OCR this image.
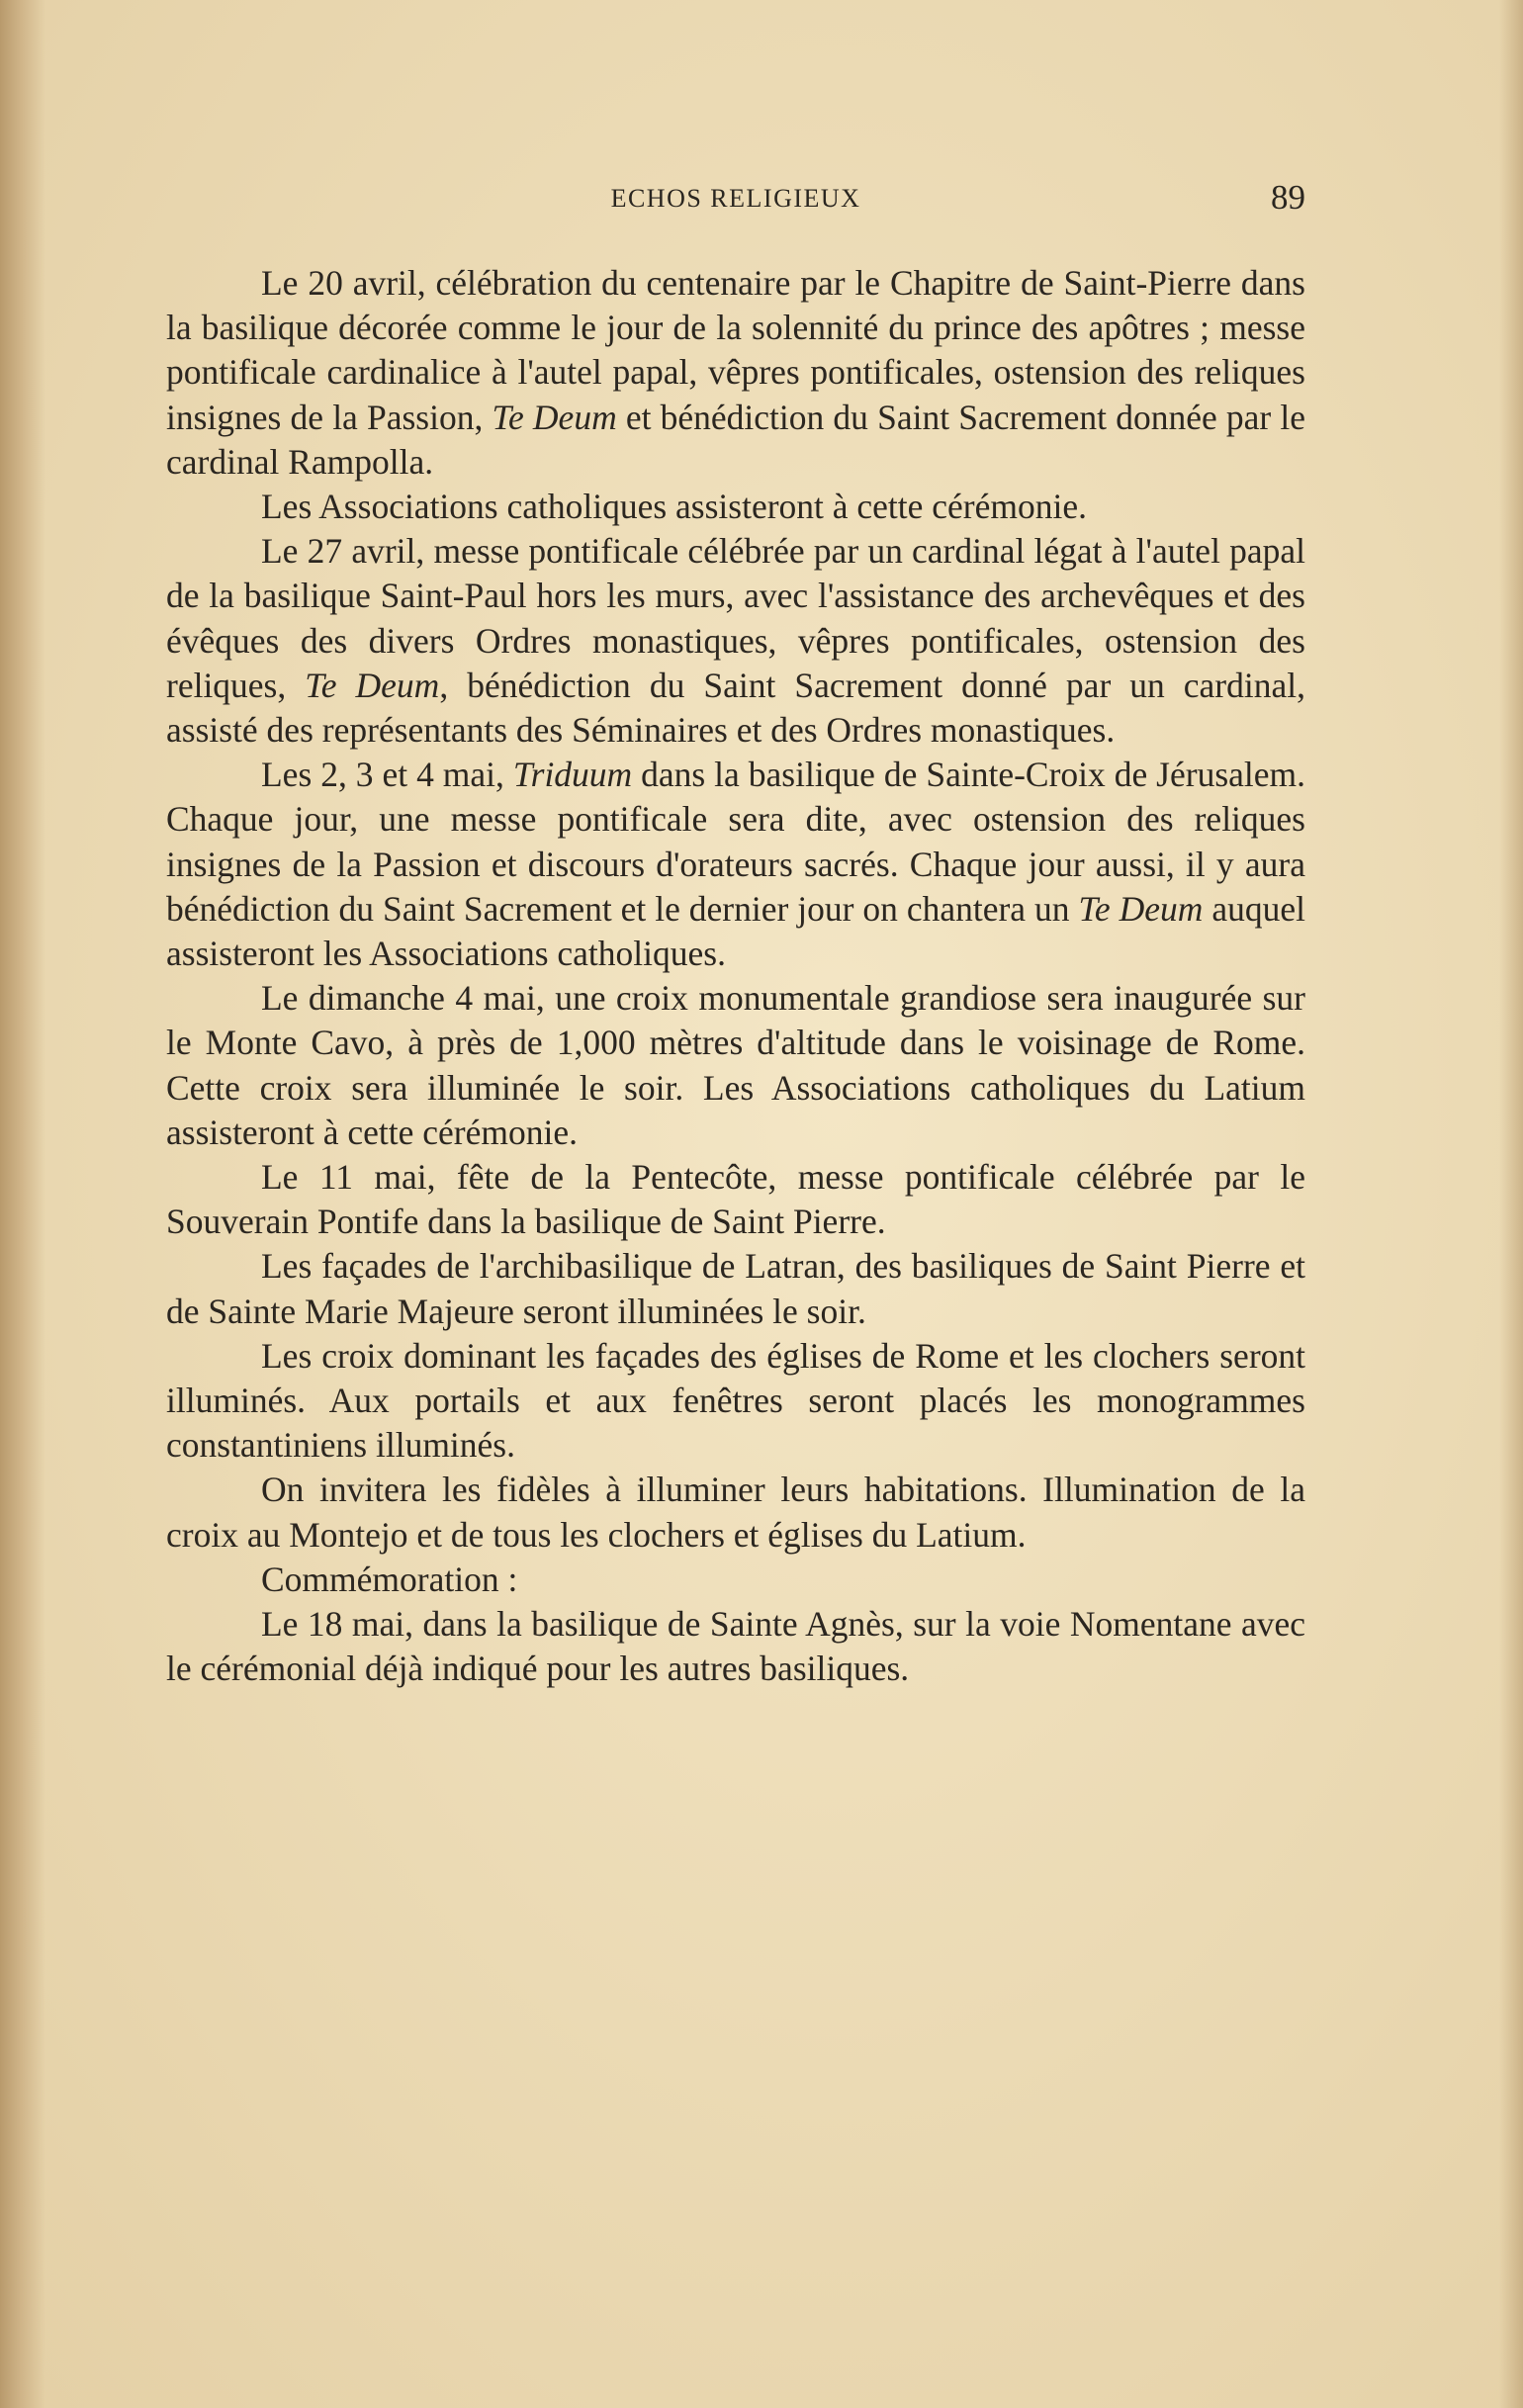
ECHOS RELIGIEUX	89

Le 20 avril, célébration du centenaire par le Chapitre de Saint-Pierre dans la basilique décorée comme le jour de la solennité du prince des apôtres ; messe pontificale cardinalice à l'autel papal, vêpres pontificales, ostension des reliques insignes de la Passion, Te Deum et bénédiction du Saint Sacrement donnée par le cardinal Rampolla.

Les Associations catholiques assisteront à cette cérémonie.

Le 27 avril, messe pontificale célébrée par un cardinal légat à l'autel papal de la basilique Saint-Paul hors les murs, avec l'assistance des archevêques et des évêques des divers Ordres monastiques, vêpres pontificales, ostension des reliques, Te Deum, bénédiction du Saint Sacrement donné par un cardinal, assisté des représentants des Séminaires et des Ordres monastiques.

Les 2, 3 et 4 mai, Triduum dans la basilique de Sainte-Croix de Jérusalem. Chaque jour, une messe pontificale sera dite, avec ostension des reliques insignes de la Passion et discours d'orateurs sacrés. Chaque jour aussi, il y aura bénédiction du Saint Sacrement et le dernier jour on chantera un Te Deum auquel assisteront les Associations catholiques.

Le dimanche 4 mai, une croix monumentale grandiose sera inaugurée sur le Monte Cavo, à près de 1,000 mètres d'altitude dans le voisinage de Rome. Cette croix sera illuminée le soir. Les Associations catholiques du Latium assisteront à cette cérémonie.

Le 11 mai, fête de la Pentecôte, messe pontificale célébrée par le Souverain Pontife dans la basilique de Saint Pierre.

Les façades de l'archibasilique de Latran, des basiliques de Saint Pierre et de Sainte Marie Majeure seront illuminées le soir.

Les croix dominant les façades des églises de Rome et les clochers seront illuminés. Aux portails et aux fenêtres seront placés les monogrammes constantiniens illuminés.

On invitera les fidèles à illuminer leurs habitations. Illumination de la croix au Montejo et de tous les clochers et églises du Latium.

Commémoration :

Le 18 mai, dans la basilique de Sainte Agnès, sur la voie Nomentane avec le cérémonial déjà indiqué pour les autres basiliques.
